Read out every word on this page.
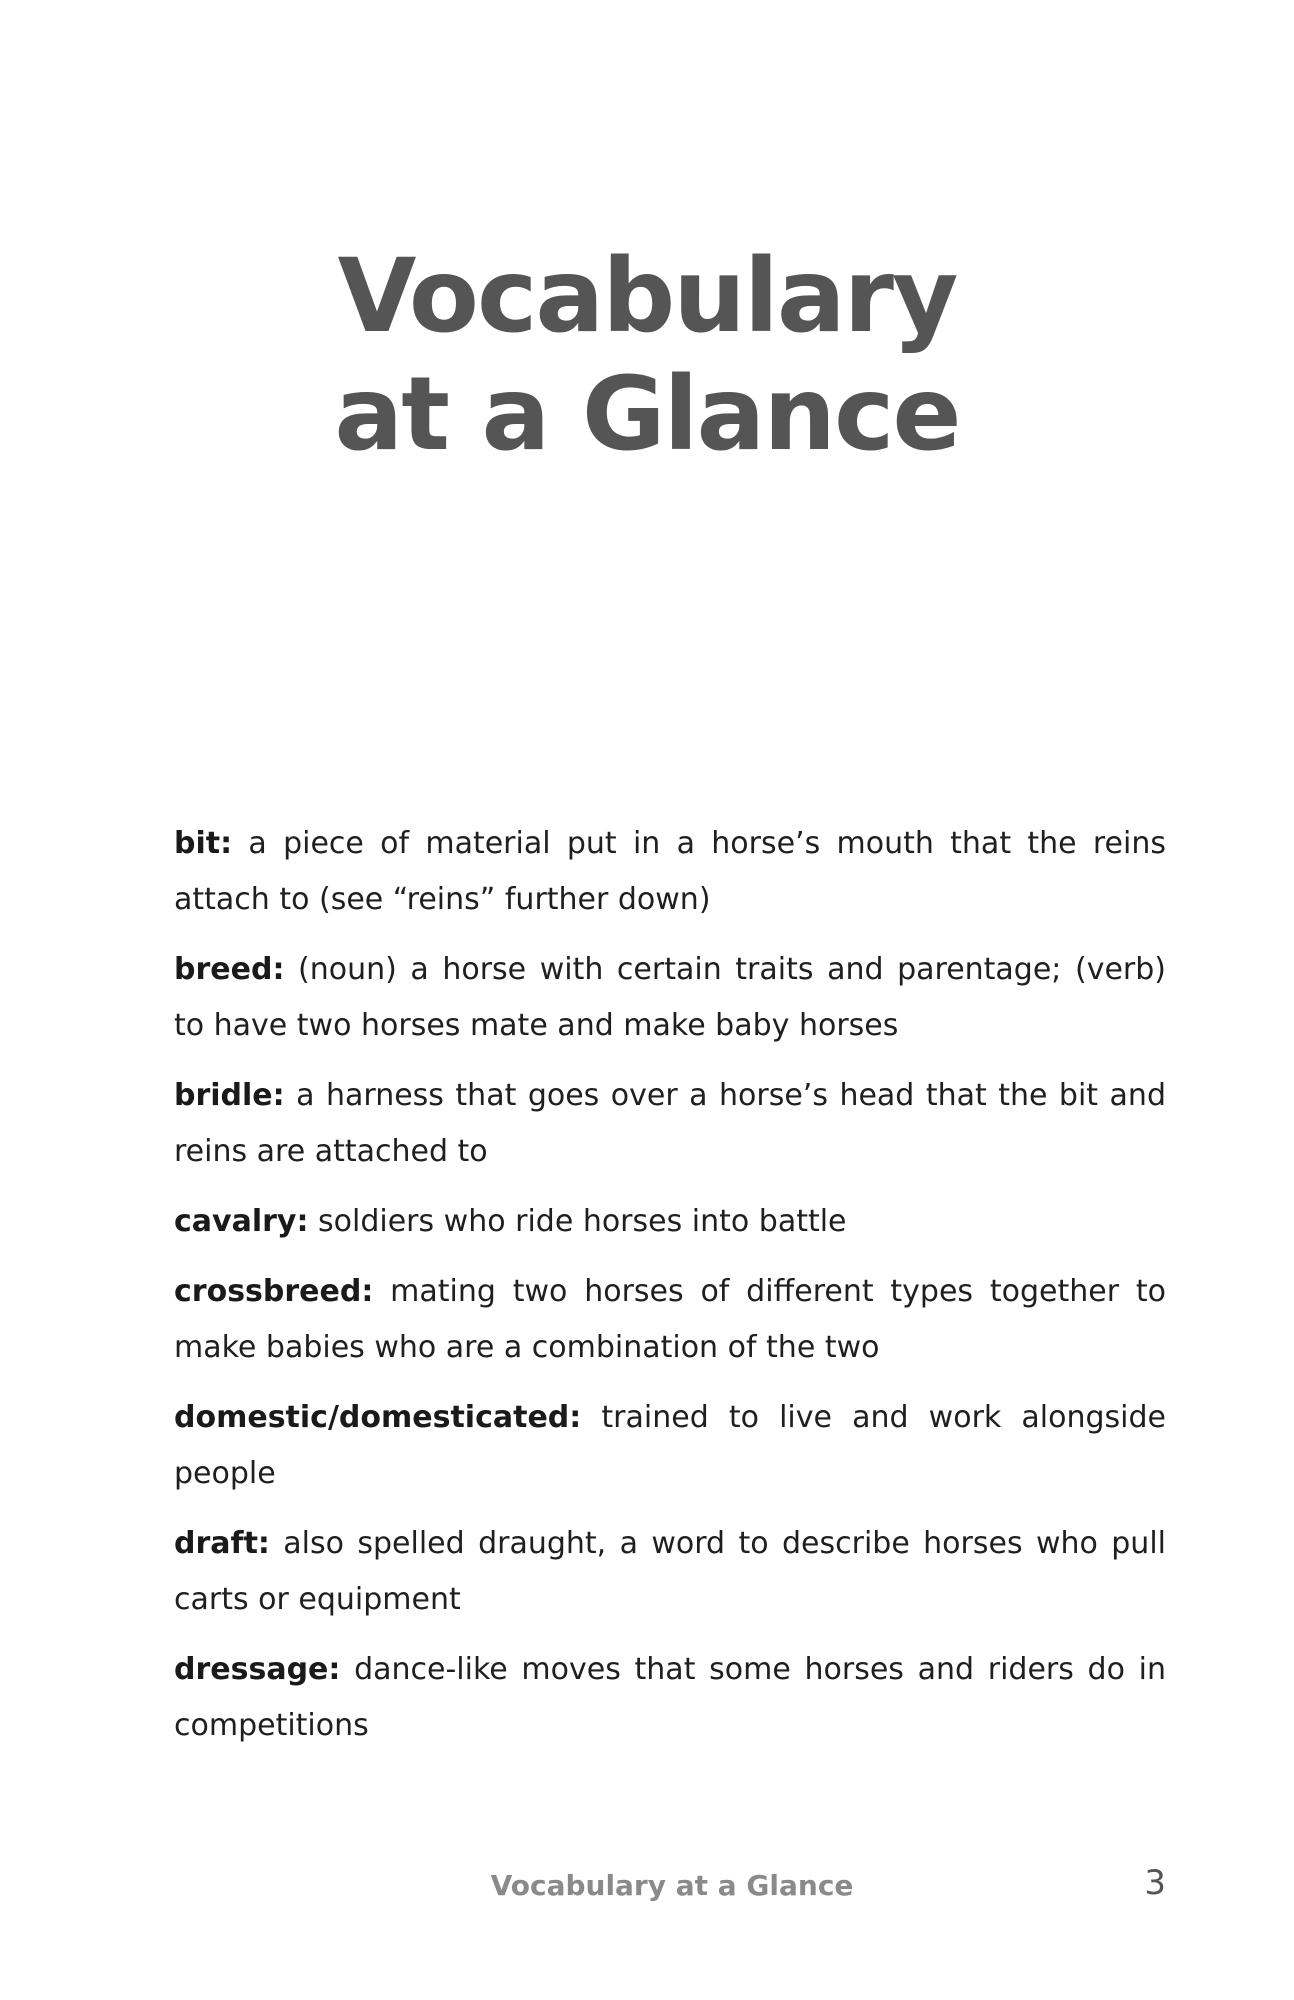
Vocabulary
at a Glance

bit: a piece of material put in a horse’s mouth that the reins attach to (see “reins” further down)

breed: (noun) a horse with certain traits and parentage; (verb) to have two horses mate and make baby horses

bridle: a harness that goes over a horse’s head that the bit and reins are attached to

cavalry: soldiers who ride horses into battle

crossbreed: mating two horses of different types together to make babies who are a combination of the two

domestic/domesticated: trained to live and work alongside people

draft: also spelled draught, a word to describe horses who pull carts or equipment

dressage: dance-like moves that some horses and riders do in competitions

Vocabulary at a Glance	3
